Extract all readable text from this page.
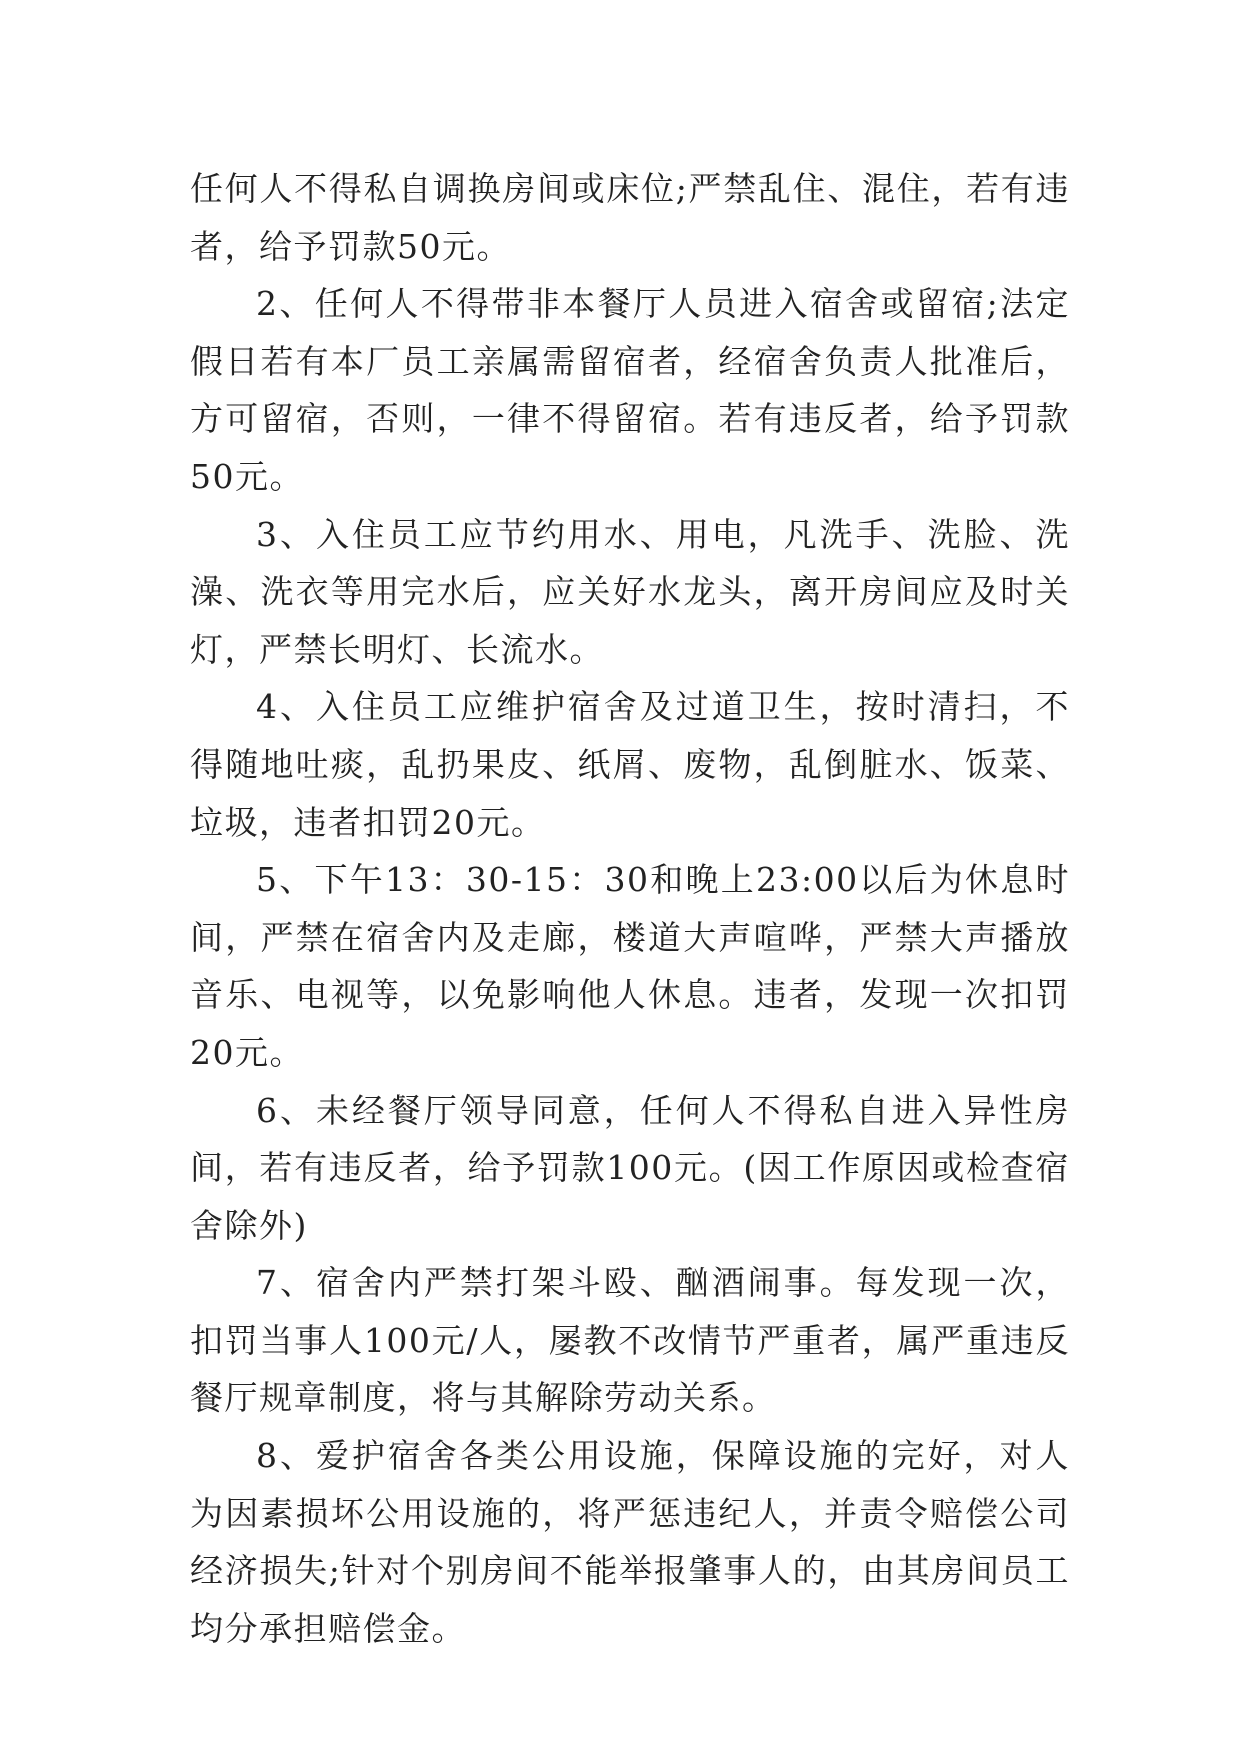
任何人不得私自调换房间或床位;严禁乱住、混住，若有违者，给予罚款50元。

2、任何人不得带非本餐厅人员进入宿舍或留宿;法定假日若有本厂员工亲属需留宿者，经宿舍负责人批准后，方可留宿，否则，一律不得留宿。若有违反者，给予罚款50元。

3、入住员工应节约用水、用电，凡洗手、洗脸、洗澡、洗衣等用完水后，应关好水龙头，离开房间应及时关灯，严禁长明灯、长流水。

4、入住员工应维护宿舍及过道卫生，按时清扫，不得随地吐痰，乱扔果皮、纸屑、废物，乱倒脏水、饭菜、垃圾，违者扣罚20元。

5、下午13：30-15：30和晚上23:00以后为休息时间，严禁在宿舍内及走廊，楼道大声喧哗，严禁大声播放音乐、电视等，以免影响他人休息。违者，发现一次扣罚20元。

6、未经餐厅领导同意，任何人不得私自进入异性房间，若有违反者，给予罚款100元。(因工作原因或检查宿舍除外)

7、宿舍内严禁打架斗殴、酗酒闹事。每发现一次，扣罚当事人100元/人，屡教不改情节严重者，属严重违反餐厅规章制度，将与其解除劳动关系。

8、爱护宿舍各类公用设施，保障设施的完好，对人为因素损坏公用设施的，将严惩违纪人，并责令赔偿公司经济损失;针对个别房间不能举报肇事人的，由其房间员工均分承担赔偿金。
